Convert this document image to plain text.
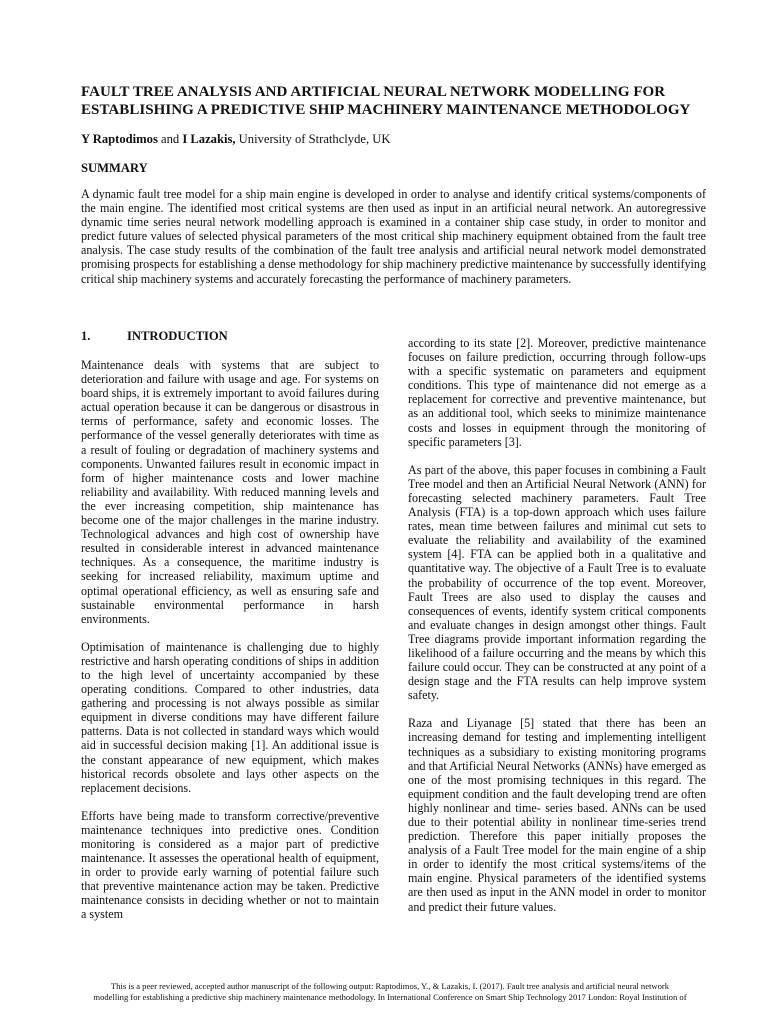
FAULT TREE ANALYSIS AND ARTIFICIAL NEURAL NETWORK MODELLING FOR ESTABLISHING A PREDICTIVE SHIP MACHINERY MAINTENANCE METHODOLOGY

Y Raptodimos and I Lazakis, University of Strathclyde, UK

SUMMARY

A dynamic fault tree model for a ship main engine is developed in order to analyse and identify critical systems/components of the main engine. The identified most critical systems are then used as input in an artificial neural network. An autoregressive dynamic time series neural network modelling approach is examined in a container ship case study, in order to monitor and predict future values of selected physical parameters of the most critical ship machinery equipment obtained from the fault tree analysis. The case study results of the combination of the fault tree analysis and artificial neural network model demonstrated promising prospects for establishing a dense methodology for ship machinery predictive maintenance by successfully identifying critical ship machinery systems and accurately forecasting the performance of machinery parameters.

1.	INTRODUCTION

Maintenance deals with systems that are subject to deterioration and failure with usage and age. For systems on board ships, it is extremely important to avoid failures during actual operation because it can be dangerous or disastrous in terms of performance, safety and economic losses. The performance of the vessel generally deteriorates with time as a result of fouling or degradation of machinery systems and components. Unwanted failures result in economic impact in form of higher maintenance costs and lower machine reliability and availability. With reduced manning levels and the ever increasing competition, ship maintenance has become one of the major challenges in the marine industry. Technological advances and high cost of ownership have resulted in considerable interest in advanced maintenance techniques. As a consequence, the maritime industry is seeking for increased reliability, maximum uptime and optimal operational efficiency, as well as ensuring safe and sustainable environmental performance in harsh environments.

Optimisation of maintenance is challenging due to highly restrictive and harsh operating conditions of ships in addition to the high level of uncertainty accompanied by these operating conditions. Compared to other industries, data gathering and processing is not always possible as similar equipment in diverse conditions may have different failure patterns. Data is not collected in standard ways which would aid in successful decision making [1]. An additional issue is the constant appearance of new equipment, which makes historical records obsolete and lays other aspects on the replacement decisions.

Efforts have being made to transform corrective/preventive maintenance techniques into predictive ones. Condition monitoring is considered as a major part of predictive maintenance. It assesses the operational health of equipment, in order to provide early warning of potential failure such that preventive maintenance action may be taken. Predictive maintenance consists in deciding whether or not to maintain a system

according to its state [2]. Moreover, predictive maintenance focuses on failure prediction, occurring through follow-ups with a specific systematic on parameters and equipment conditions. This type of maintenance did not emerge as a replacement for corrective and preventive maintenance, but as an additional tool, which seeks to minimize maintenance costs and losses in equipment through the monitoring of specific parameters [3].

As part of the above, this paper focuses in combining a Fault Tree model and then an Artificial Neural Network (ANN) for forecasting selected machinery parameters. Fault Tree Analysis (FTA) is a top-down approach which uses failure rates, mean time between failures and minimal cut sets to evaluate the reliability and availability of the examined system [4]. FTA can be applied both in a qualitative and quantitative way. The objective of a Fault Tree is to evaluate the probability of occurrence of the top event. Moreover, Fault Trees are also used to display the causes and consequences of events, identify system critical components and evaluate changes in design amongst other things. Fault Tree diagrams provide important information regarding the likelihood of a failure occurring and the means by which this failure could occur. They can be constructed at any point of a design stage and the FTA results can help improve system safety.

Raza and Liyanage [5] stated that there has been an increasing demand for testing and implementing intelligent techniques as a subsidiary to existing monitoring programs and that Artificial Neural Networks (ANNs) have emerged as one of the most promising techniques in this regard. The equipment condition and the fault developing trend are often highly nonlinear and time- series based. ANNs can be used due to their potential ability in nonlinear time-series trend prediction. Therefore this paper initially proposes the analysis of a Fault Tree model for the main engine of a ship in order to identify the most critical systems/items of the main engine. Physical parameters of the identified systems are then used as input in the ANN model in order to monitor and predict their future values.

This is a peer reviewed, accepted author manuscript of the following output: Raptodimos, Y., & Lazakis, I. (2017). Fault tree analysis and artificial neural network
modelling for establishing a predictive ship machinery maintenance methodology. In International Conference on Smart Ship Technology 2017 London: Royal Institution of
